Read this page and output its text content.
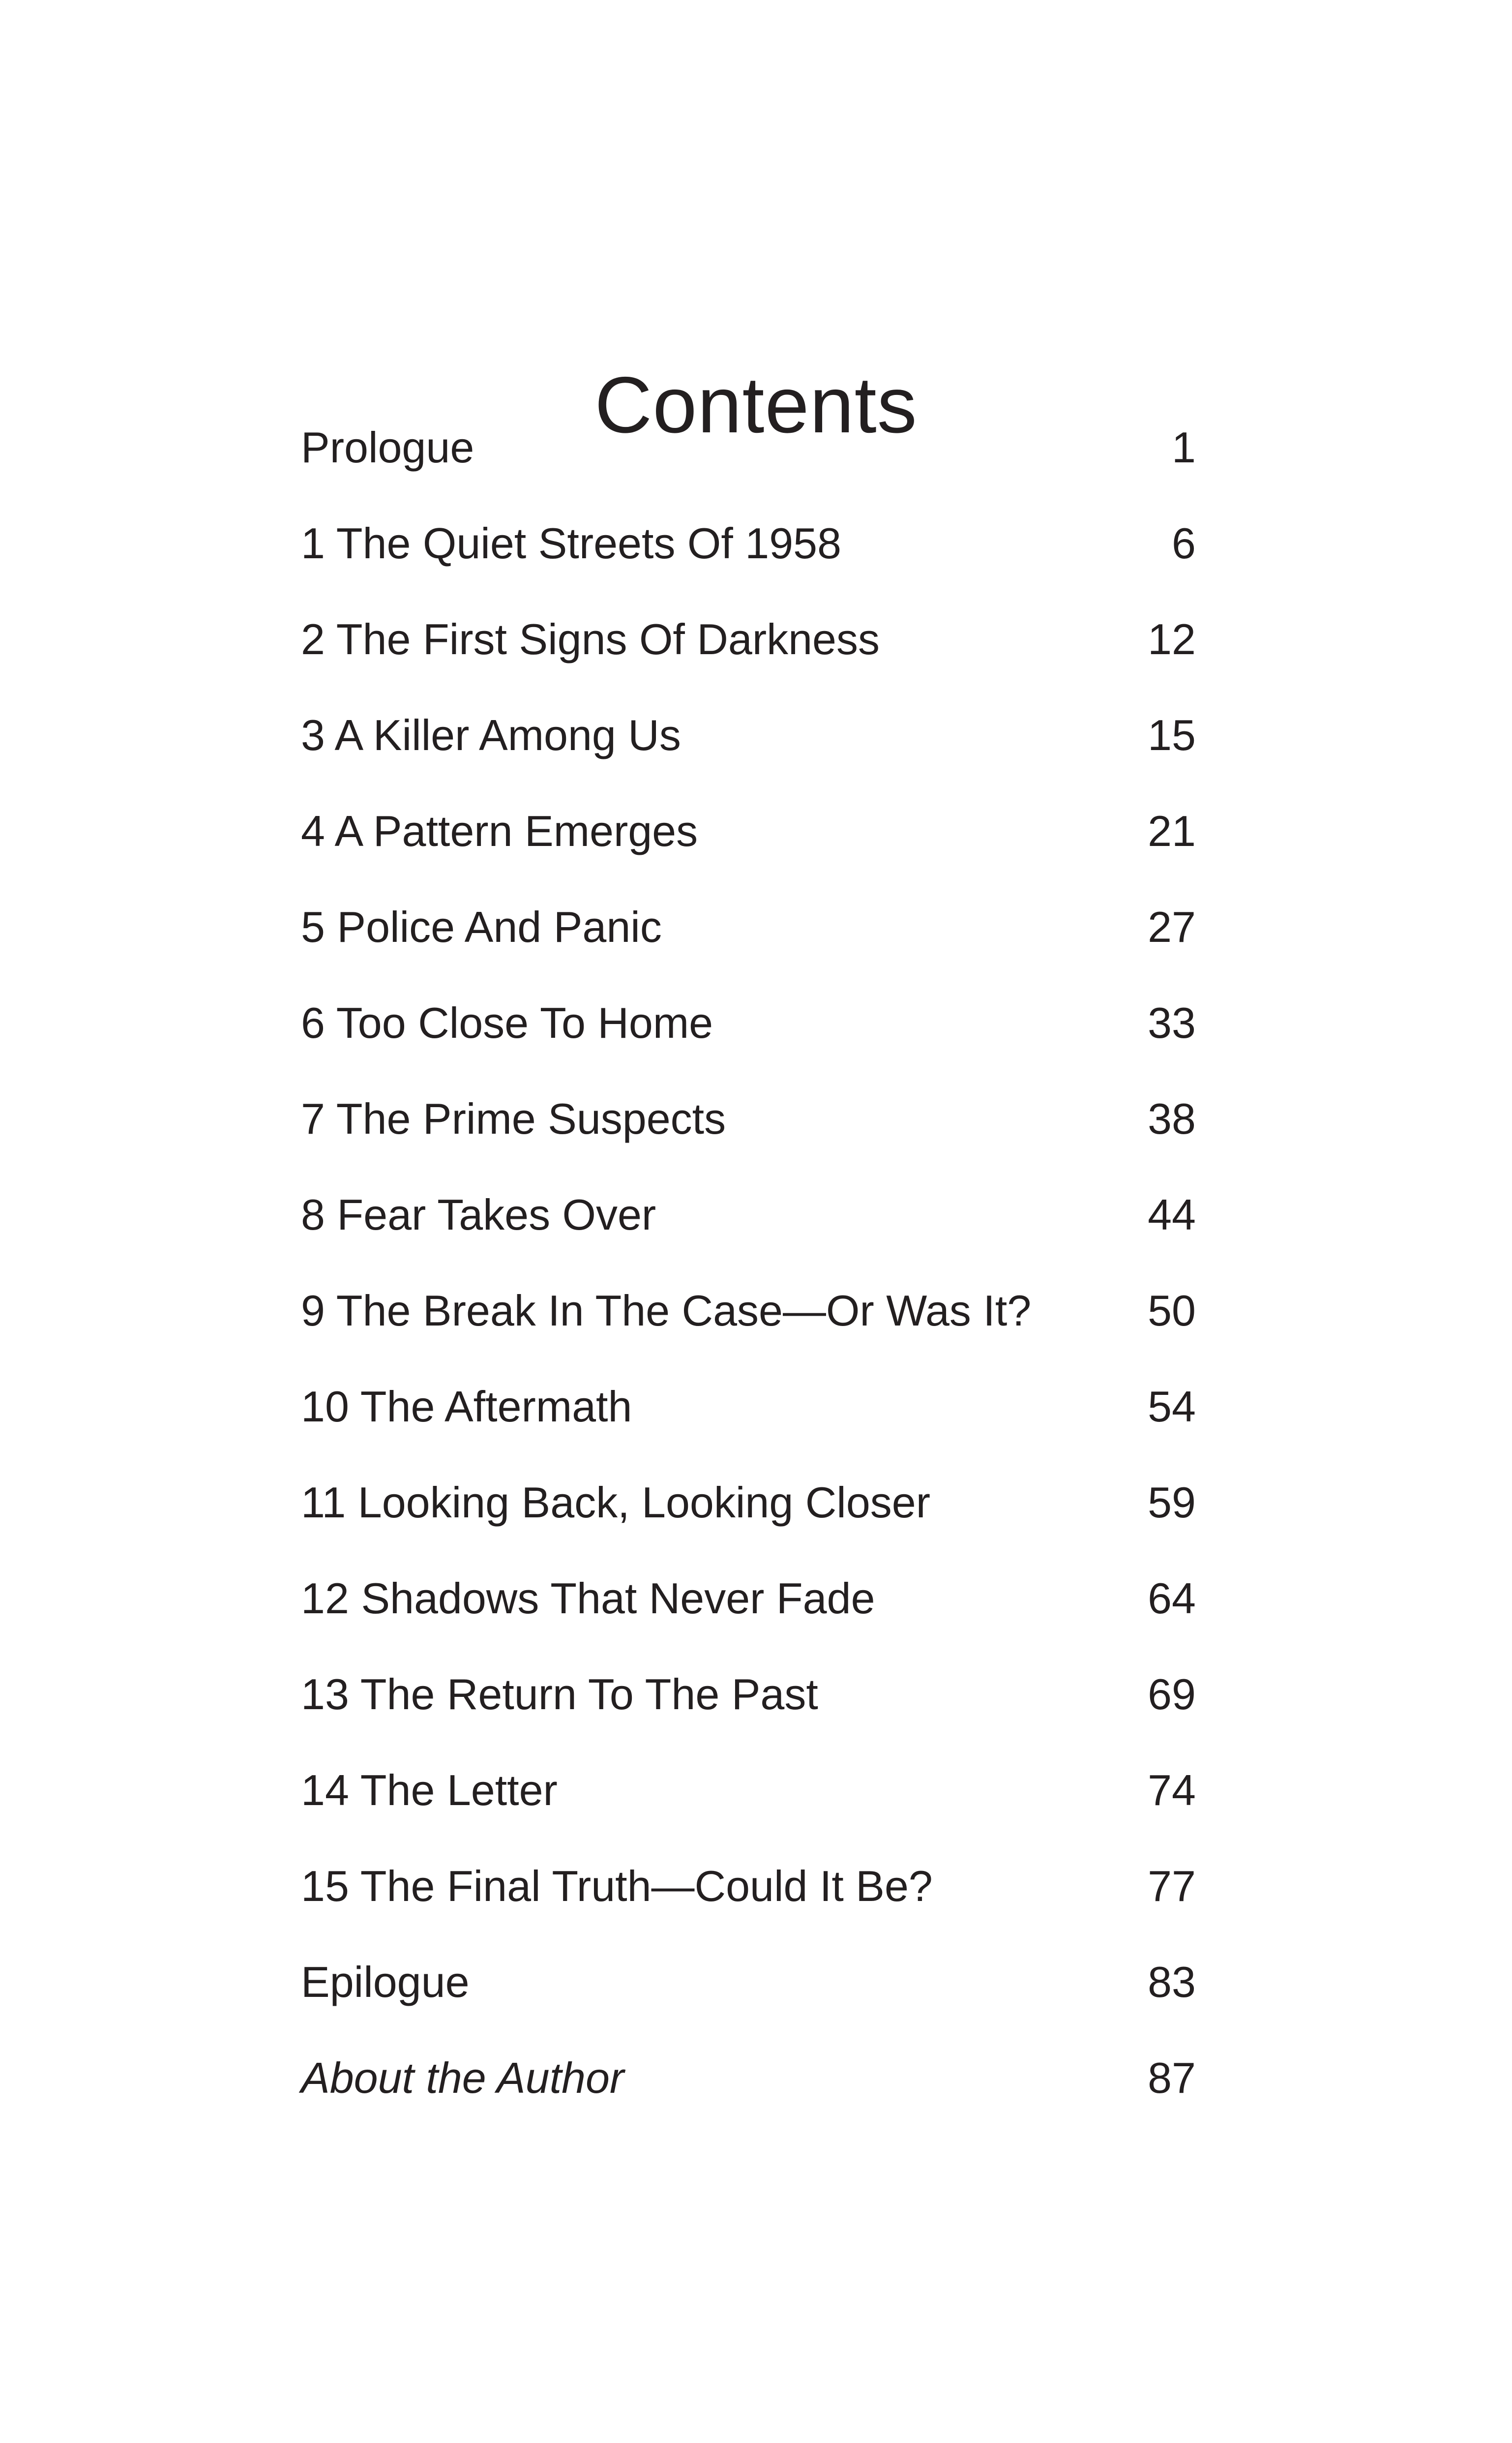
Contents
Prologue	1
1 The Quiet Streets Of 1958	6
2 The First Signs Of Darkness	12
3 A Killer Among Us	15
4 A Pattern Emerges	21
5 Police And Panic	27
6 Too Close To Home	33
7 The Prime Suspects	38
8 Fear Takes Over	44
9 The Break In The Case—Or Was It?	50
10 The Aftermath	54
11 Looking Back, Looking Closer	59
12 Shadows That Never Fade	64
13 The Return To The Past	69
14 The Letter	74
15 The Final Truth—Could It Be?	77
Epilogue	83
About the Author	87
